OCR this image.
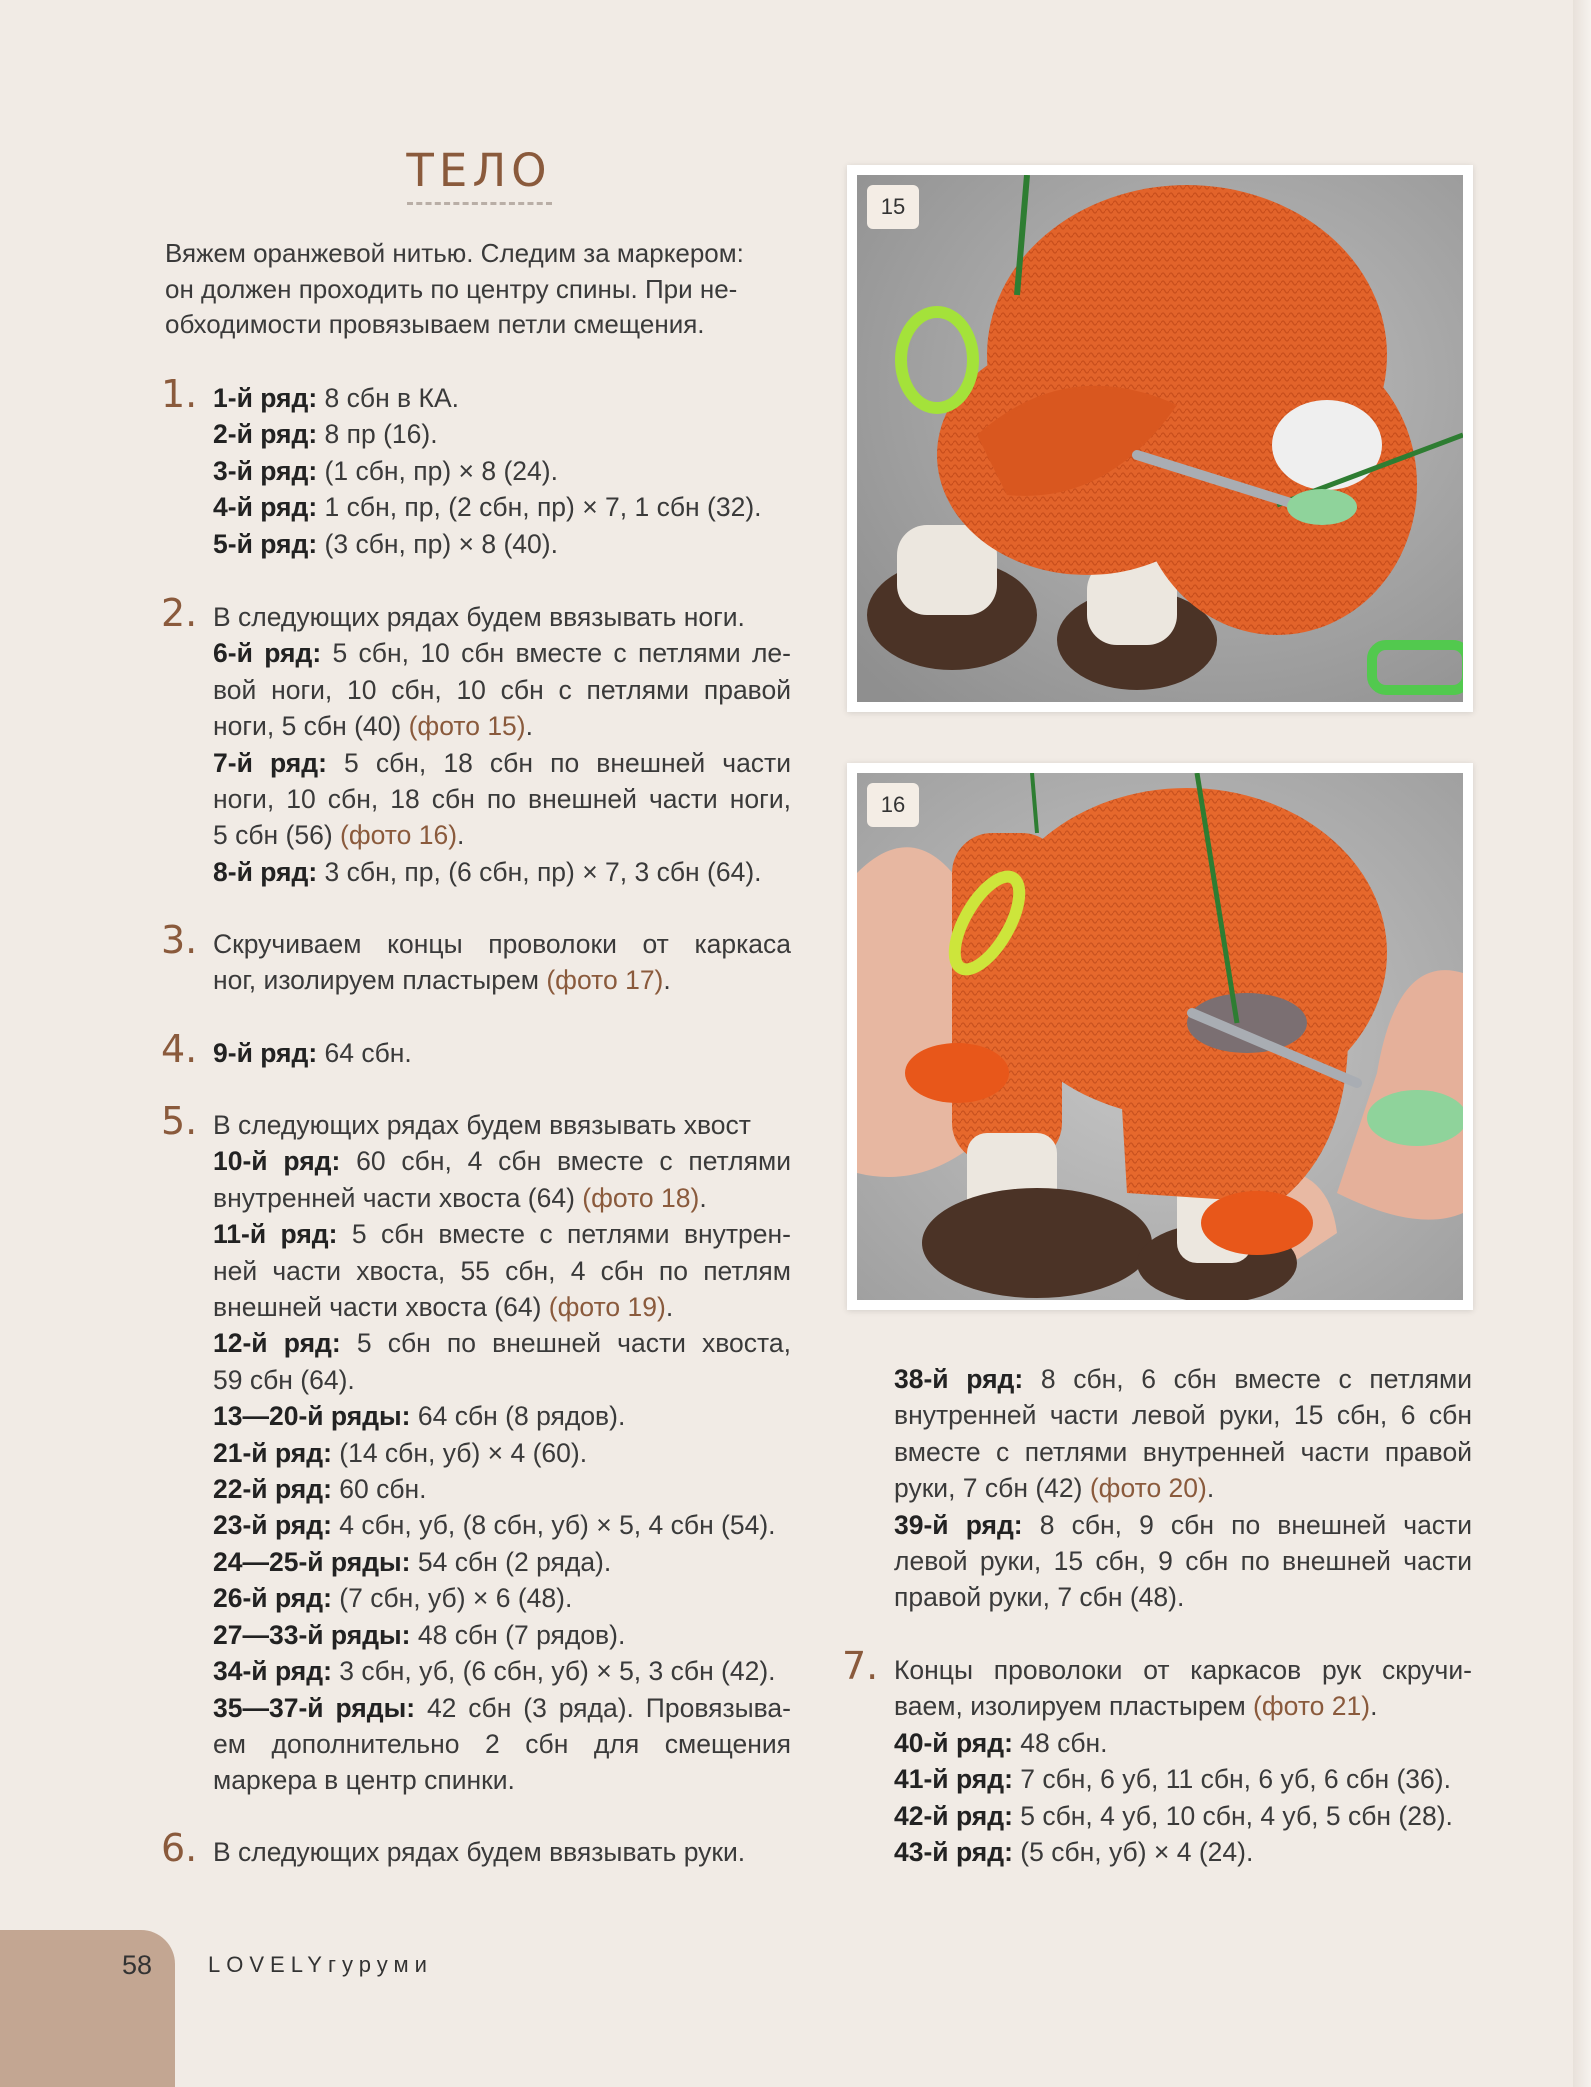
ТЕЛО
Вяжем оранжевой нитью. Следим за маркером:
он должен проходить по центру спины. При не-
обходимости провязываем петли смещения.
1. 1-й ряд: 8 сбн в КА.
2-й ряд: 8 пр (16).
3-й ряд: (1 сбн, пр) × 8 (24).
4-й ряд: 1 сбн, пр, (2 сбн, пр) × 7, 1 сбн (32).
5-й ряд: (3 сбн, пр) × 8 (40).
2. В следующих рядах будем ввязывать ноги.
6-й ряд: 5 сбн, 10 сбн вместе с петлями ле-
вой ноги, 10 сбн, 10 сбн с петлями правой
ноги, 5 сбн (40) (фото 15).
7-й ряд: 5 сбн, 18 сбн по внешней части
ноги, 10 сбн, 18 сбн по внешней части ноги,
5 сбн (56) (фото 16).
8-й ряд: 3 сбн, пр, (6 сбн, пр) × 7, 3 сбн (64).
3. Скручиваем концы проволоки от каркаса
ног, изолируем пластырем (фото 17).
4. 9-й ряд: 64 сбн.
5. В следующих рядах будем ввязывать хвост
10-й ряд: 60 сбн, 4 сбн вместе с петлями
внутренней части хвоста (64) (фото 18).
11-й ряд: 5 сбн вместе с петлями внутрен-
ней части хвоста, 55 сбн, 4 сбн по петлям
внешней части хвоста (64) (фото 19).
12-й ряд: 5 сбн по внешней части хвоста,
59 сбн (64).
13—20-й ряды: 64 сбн (8 рядов).
21-й ряд: (14 сбн, уб) × 4 (60).
22-й ряд: 60 сбн.
23-й ряд: 4 сбн, уб, (8 сбн, уб) × 5, 4 сбн (54).
24—25-й ряды: 54 сбн (2 ряда).
26-й ряд: (7 сбн, уб) × 6 (48).
27—33-й ряды: 48 сбн (7 рядов).
34-й ряд: 3 сбн, уб, (6 сбн, уб) × 5, 3 сбн (42).
35—37-й ряды: 42 сбн (3 ряда). Провязыва-
ем дополнительно 2 сбн для смещения
маркера в центр спинки.
6. В следующих рядах будем ввязывать руки.
38-й ряд: 8 сбн, 6 сбн вместе с петлями
внутренней части левой руки, 15 сбн, 6 сбн
вместе с петлями внутренней части правой
руки, 7 сбн (42) (фото 20).
39-й ряд: 8 сбн, 9 сбн по внешней части
левой руки, 15 сбн, 9 сбн по внешней части
правой руки, 7 сбн (48).
7. Концы проволоки от каркасов рук скручи-
ваем, изолируем пластырем (фото 21).
40-й ряд: 48 сбн.
41-й ряд: 7 сбн, 6 уб, 11 сбн, 6 уб, 6 сбн (36).
42-й ряд: 5 сбн, 4 уб, 10 сбн, 4 уб, 5 сбн (28).
43-й ряд: (5 сбн, уб) × 4 (24).
15
16
58	LOVELYгуруми
